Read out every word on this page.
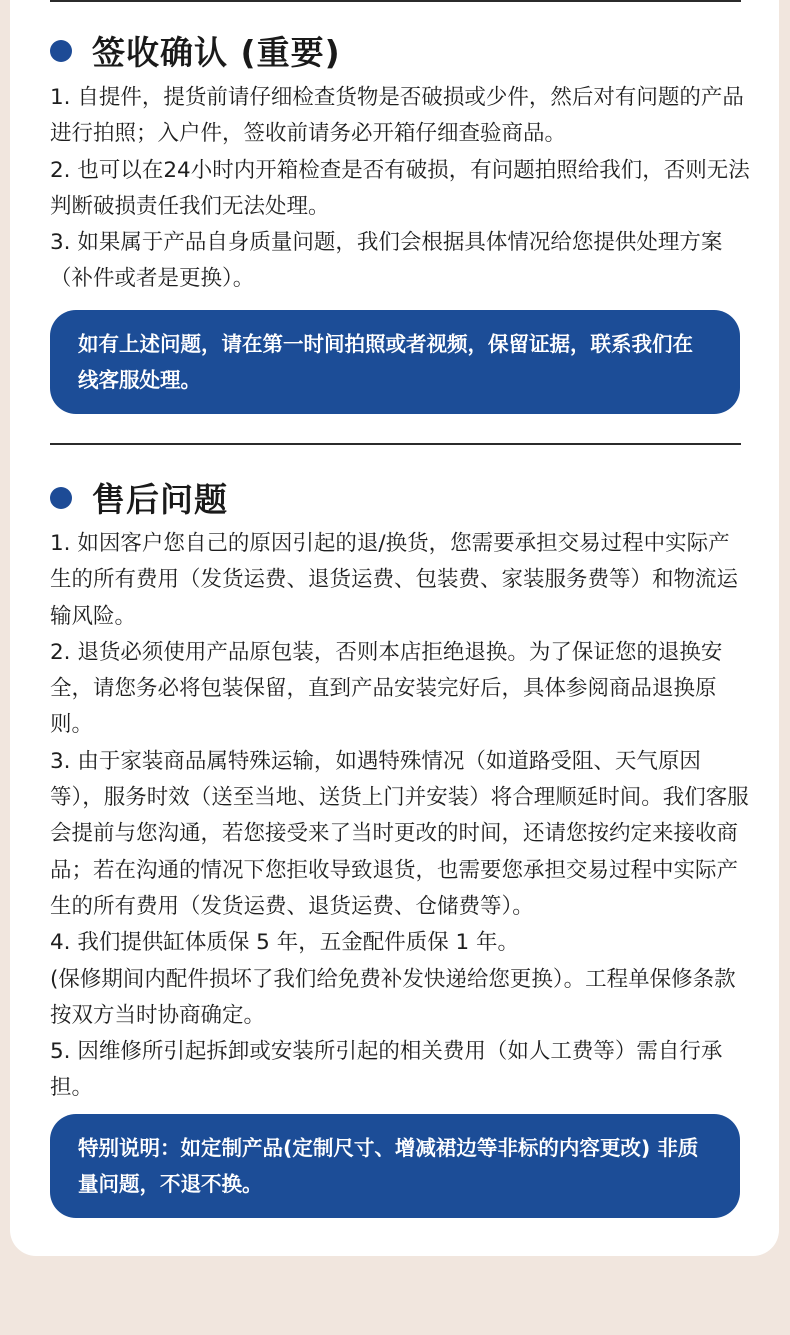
签收确认 (重要)

1. 自提件，提货前请仔细检查货物是否破损或少件，然后对有问题的产品进行拍照；入户件，签收前请务必开箱仔细查验商品。

2. 也可以在24小时内开箱检查是否有破损，有问题拍照给我们，否则无法判断破损责任我们无法处理。

3. 如果属于产品自身质量问题，我们会根据具体情况给您提供处理方案（补件或者是更换）。

如有上述问题，请在第一时间拍照或者视频，保留证据，联系我们在线客服处理。
售后问题

1. 如因客户您自己的原因引起的退/换货，您需要承担交易过程中实际产生的所有费用（发货运费、退货运费、包装费、家装服务费等）和物流运输风险。

2. 退货必须使用产品原包装，否则本店拒绝退换。为了保证您的退换安全，请您务必将包装保留，直到产品安装完好后，具体参阅商品退换原则。

3. 由于家装商品属特殊运输，如遇特殊情况（如道路受阻、天气原因等），服务时效（送至当地、送货上门并安装）将合理顺延时间。我们客服会提前与您沟通，若您接受来了当时更改的时间，还请您按约定来接收商品；若在沟通的情况下您拒收导致退货，也需要您承担交易过程中实际产生的所有费用（发货运费、退货运费、仓储费等）。

4. 我们提供缸体质保 5 年，五金配件质保 1 年。

(保修期间内配件损坏了我们给免费补发快递给您更换）。工程单保修条款按双方当时协商确定。

5. 因维修所引起拆卸或安装所引起的相关费用（如人工费等）需自行承担。

特别说明：如定制产品(定制尺寸、增减裙边等非标的内容更改) 非质量问题，不退不换。
